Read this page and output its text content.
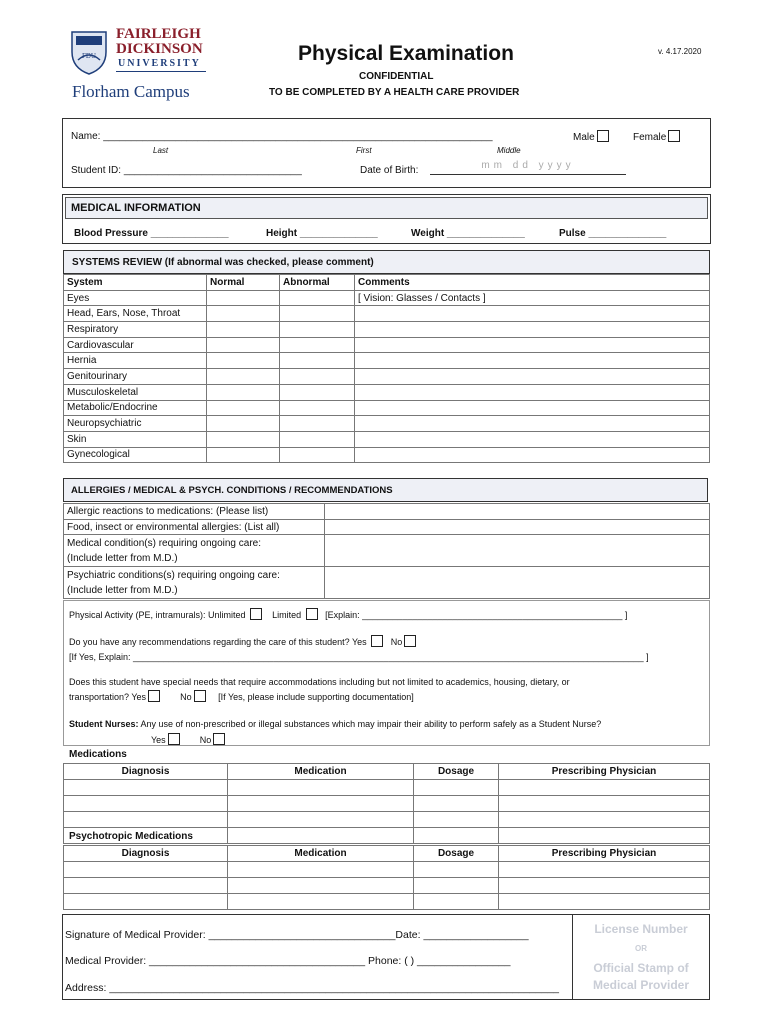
FDU
FAIRLEIGH
DICKINSON
UNIVERSITY
Florham Campus
Physical Examination	v. 4.17.2020
CONFIDENTIAL
TO BE COMPLETED BY A HEALTH CARE PROVIDER
Name: ______________________________________________________________________	Male	Female
Last	First	Middle
Student ID: ________________________________	Date of Birth:	mm dd yyyy
MEDICAL INFORMATION
Blood Pressure ______________	Height ______________	Weight ______________	Pulse ______________
SYSTEMS REVIEW (If abnormal was checked, please comment)
System	Normal	Abnormal	Comments
Eyes			[ Vision: Glasses / Contacts ]
Head, Ears, Nose, Throat			
Respiratory			
Cardiovascular			
Hernia			
Genitourinary			
Musculoskeletal			
Metabolic/Endocrine			
Neuropsychiatric			
Skin			
Gynecological			
ALLERGIES / MEDICAL & PSYCH. CONDITIONS / RECOMMENDATIONS
Allergic reactions to medications: (Please list)	
Food, insect or environmental allergies: (List all)	
Medical condition(s) requiring ongoing care:
(Include letter from M.D.)	
Psychiatric conditions(s) requiring ongoing care:
(Include letter from M.D.)	
Physical Activity (PE, intramurals): Unlimited	Limited	[Explain: ____________________________________________________ ]
Do you have any recommendations regarding the care of this student? Yes	No
[If Yes, Explain: ______________________________________________________________________________________________________ ]
Does this student have special needs that require accommodations including but not limited to academics, housing, dietary, or
transportation? Yes	No	[If Yes, please include supporting documentation]
Student Nurses: Any use of non-prescribed or illegal substances which may impair their ability to perform safely as a Student Nurse?
Yes	No
Medications
Diagnosis	Medication	Dosage	Prescribing Physician

Psychotropic Medications
Diagnosis	Medication	Dosage	Prescribing Physician

Signature of Medical Provider: ________________________________Date: __________________
Medical Provider: _____________________________________ Phone: ( ) ________________
Address: _____________________________________________________________________________
License Number
OR
Official Stamp of
Medical Provider
